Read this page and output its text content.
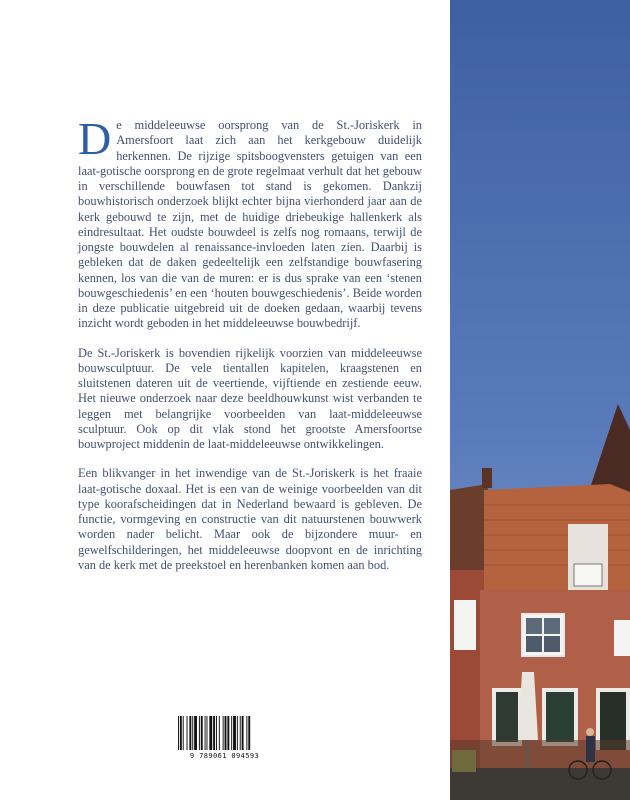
De middeleeuwse oorsprong van de St.-Joriskerk in Amersfoort laat zich aan het kerkgebouw duidelijk herkennen. De rijzige spitsboogvensters getuigen van een laat-gotische oorsprong en de grote regelmaat verhult dat het gebouw in verschillende bouwfasen tot stand is gekomen. Dankzij bouwhistorisch onderzoek blijkt echter bijna vierhonderd jaar aan de kerk gebouwd te zijn, met de huidige driebeukige hallenkerk als eindresultaat. Het oudste bouwdeel is zelfs nog romaans, terwijl de jongste bouwdelen al renaissance-invloeden laten zien. Daarbij is gebleken dat de daken gedeeltelijk een zelfstandige bouwfasering kennen, los van die van de muren: er is dus sprake van een ‘stenen bouwgeschiedenis’ en een ‘houten bouwgeschiedenis’. Beide worden in deze publicatie uitgebreid uit de doeken gedaan, waarbij tevens inzicht wordt geboden in het middeleeuwse bouwbedrijf.

De St.-Joriskerk is bovendien rijkelijk voorzien van middeleeuwse bouwsculptuur. De vele tientallen kapitelen, kraagstenen en sluitstenen dateren uit de veertiende, vijftiende en zestiende eeuw. Het nieuwe onderzoek naar deze beeldhouwkunst wist verbanden te leggen met belangrijke voorbeelden van laat-middeleeuwse sculptuur. Ook op dit vlak stond het grootste Amersfoortse bouwproject middenin de laat-middeleeuwse ontwikkelingen.

Een blikvanger in het inwendige van de St.-Joriskerk is het fraaie laat-gotische doxaal. Het is een van de weinige voorbeelden van dit type koorafscheidingen dat in Nederland bewaard is gebleven. De functie, vormgeving en constructie van dit natuurstenen bouwwerk worden nader belicht. Maar ook de bijzondere muur- en gewelfschilderingen, het middeleeuwse doopvont en de inrichting van de kerk met de preekstoel en herenbanken komen aan bod.

9 789061 094593
